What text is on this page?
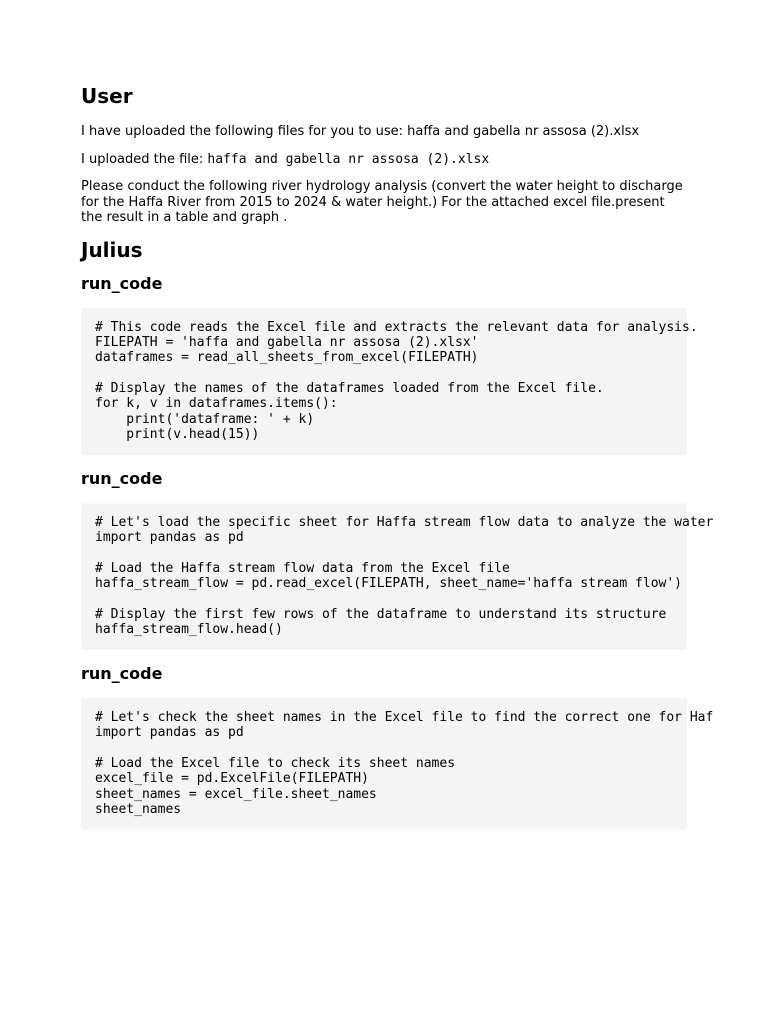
User

I have uploaded the following files for you to use: haffa and gabella nr assosa (2).xlsx

I uploaded the file: haffa and gabella nr assosa (2).xlsx

Please conduct the following river hydrology analysis (convert the water height to discharge for the Haffa River from 2015 to 2024 & water height.) For the attached excel file.present the result in a table and graph .

Julius
run_code
# This code reads the Excel file and extracts the relevant data for analysis.
FILEPATH = 'haffa and gabella nr assosa (2).xlsx'
dataframes = read_all_sheets_from_excel(FILEPATH)
# Display the names of the dataframes loaded from the Excel file.
for k, v in dataframes.items():
print('dataframe: ' + k)
print(v.head(15))
run_code
# Let's load the specific sheet for Haffa stream flow data to analyze the water
import pandas as pd
# Load the Haffa stream flow data from the Excel file
haffa_stream_flow = pd.read_excel(FILEPATH, sheet_name='haffa stream flow')
# Display the first few rows of the dataframe to understand its structure
haffa_stream_flow.head()
run_code
# Let's check the sheet names in the Excel file to find the correct one for Haf
import pandas as pd
# Load the Excel file to check its sheet names
excel_file = pd.ExcelFile(FILEPATH)
sheet_names = excel_file.sheet_names
sheet_names
